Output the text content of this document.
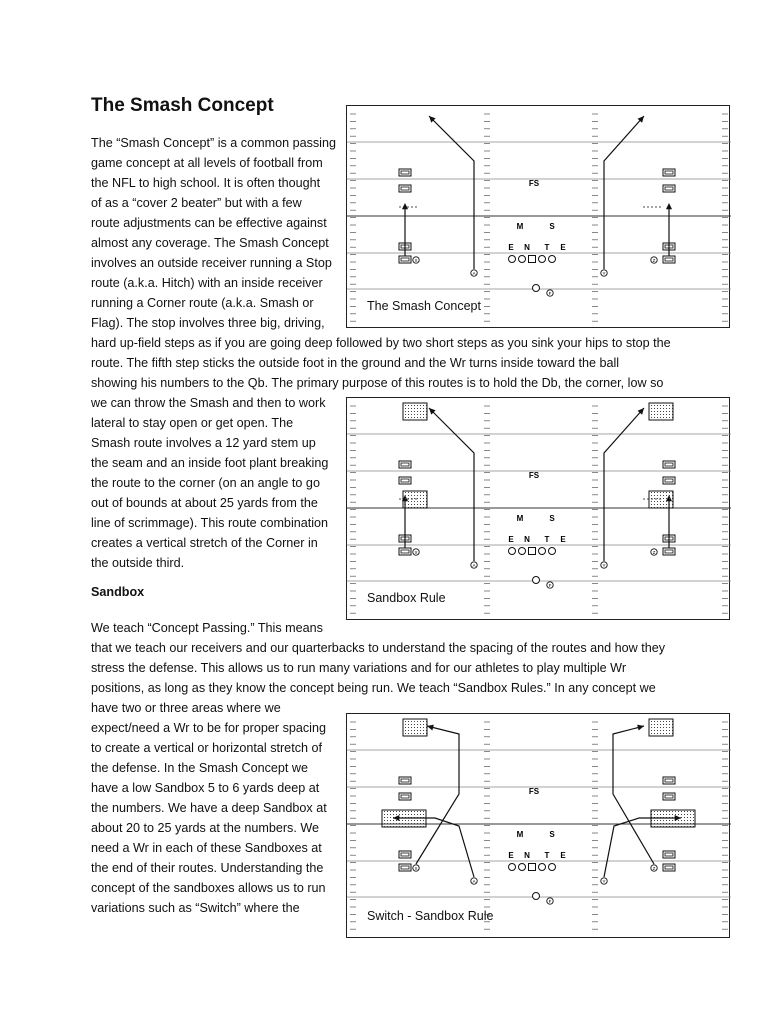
The Smash Concept
The “Smash Concept” is a common passing
game concept at all levels of football from
the NFL to high school. It is often thought
of as a “cover 2 beater” but with a few
route adjustments can be effective against
almost any coverage. The Smash Concept
involves an outside receiver running a Stop
route (a.k.a. Hitch) with an inside receiver
running a Corner route (a.k.a. Smash or
Flag). The stop involves three big, driving,
hard up-field steps as if you are going deep followed by two short steps as you sink your hips to stop the
route. The fifth step sticks the outside foot in the ground and the Wr turns inside toward the ball
showing his numbers to the Qb. The primary purpose of this routes is to hold the Db, the corner, low so
we can throw the Smash and then to work
lateral to stay open or get open. The
Smash route involves a 12 yard stem up
the seam and an inside foot plant breaking
the route to the corner (on an angle to go
out of bounds at about 25 yards from the
line of scrimmage). This route combination
creates a vertical stretch of the Corner in
the outside third.
Sandbox
We teach “Concept Passing.” This means
that we teach our receivers and our quarterbacks to understand the spacing of the routes and how they
stress the defense. This allows us to run many variations and for our athletes to play multiple Wr
positions, as long as they know the concept being run. We teach “Sandbox Rules.” In any concept we
have two or three areas where we
expect/need a Wr to be for proper spacing
to create a vertical or horizontal stretch of
the defense. In the Smash Concept we
have a low Sandbox 5 to 6 yards deep at
the numbers. We have a deep Sandbox at
about 20 to 25 yards at the numbers. We
need a Wr in each of these Sandboxes at
the end of their routes. Understanding the
concept of the sandboxes allows us to run
variations such as “Switch” where the
FS
M	S
E N T E
F
X
A	Y
Z
The Smash Concept
FS
M	S
E N T E
F
X
A	Y
Z
Sandbox Rule
FS
M	S
E N T E
F
X
A	Y
Z
Switch - Sandbox Rule
